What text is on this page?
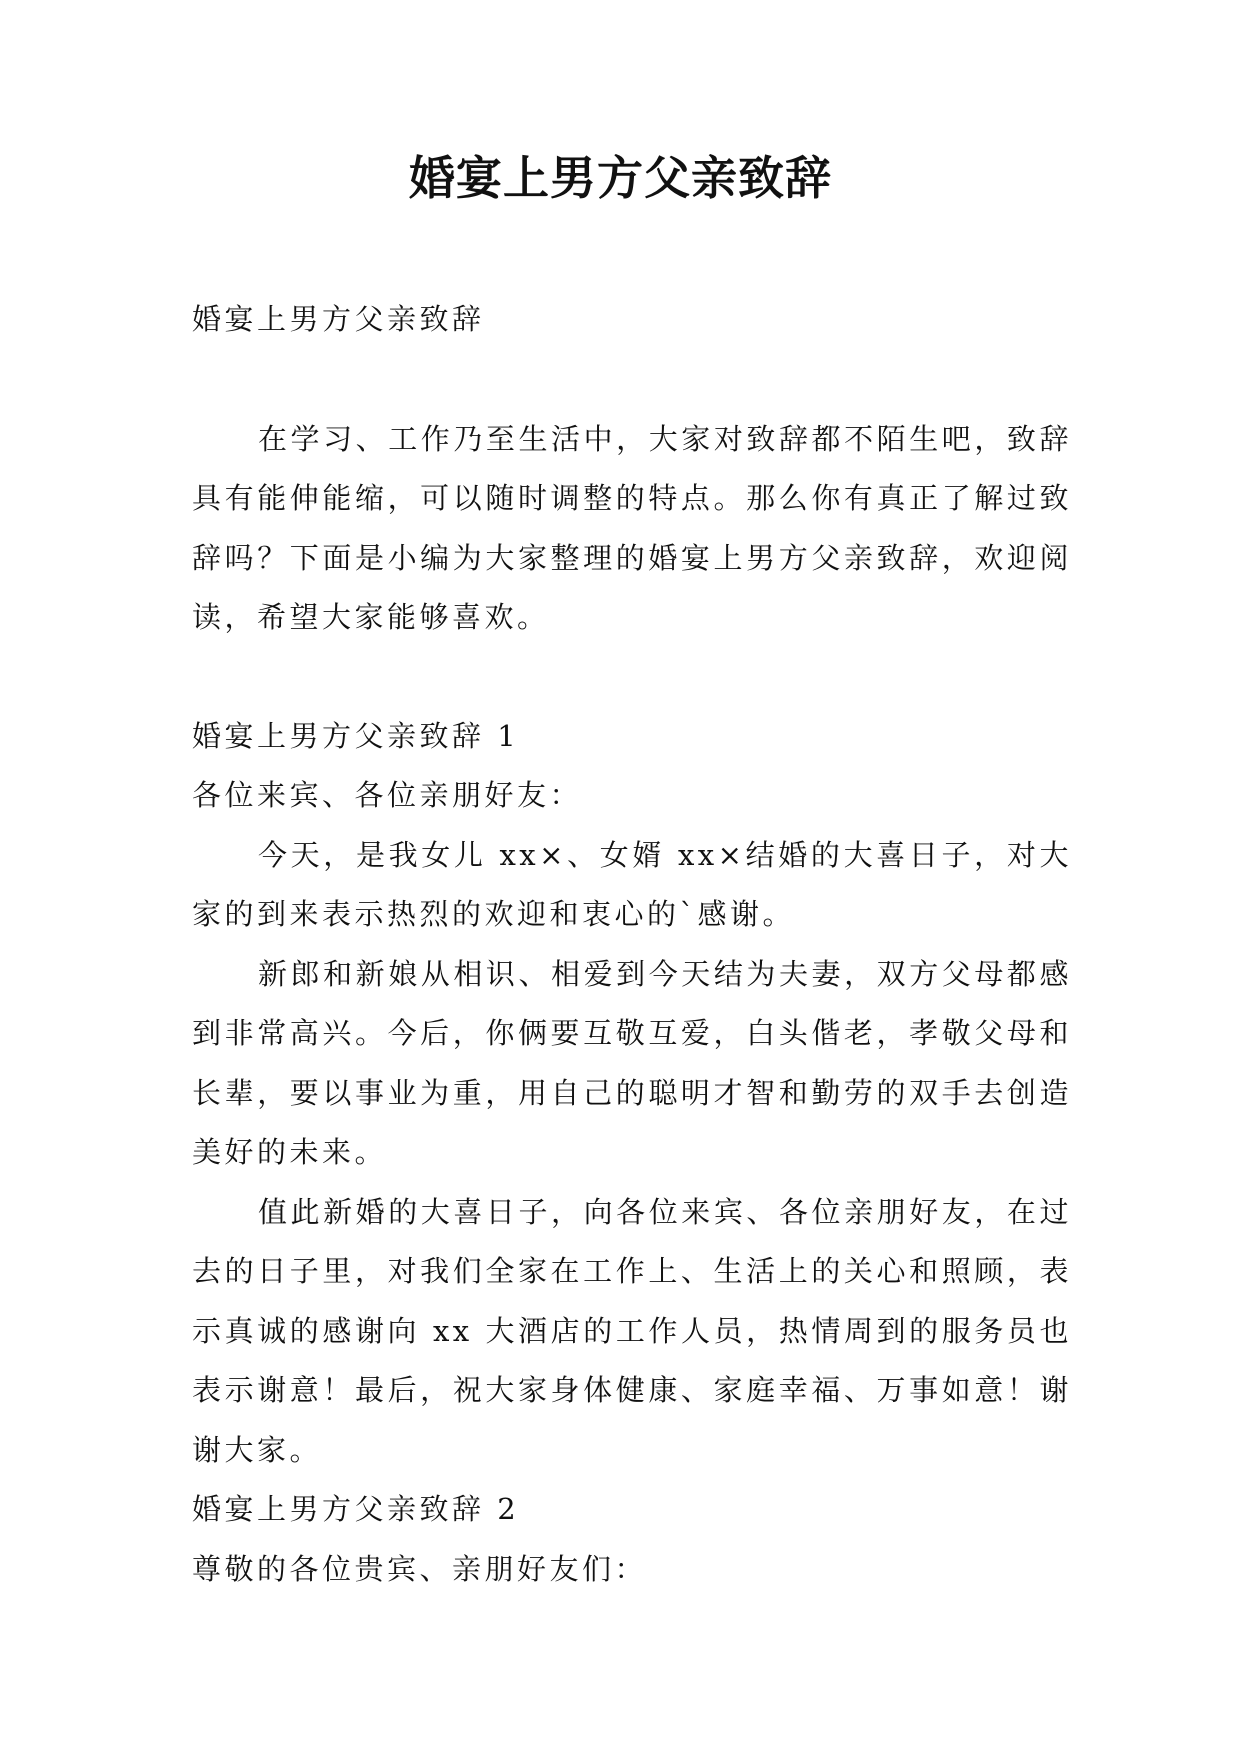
婚宴上男方父亲致辞

婚宴上男方父亲致辞

在学习、工作乃至生活中，大家对致辞都不陌生吧，致辞具有能伸能缩，可以随时调整的特点。那么你有真正了解过致辞吗？下面是小编为大家整理的婚宴上男方父亲致辞，欢迎阅读，希望大家能够喜欢。

婚宴上男方父亲致辞 1

各位来宾、各位亲朋好友：

今天，是我女儿 xx×、女婿 xx×结婚的大喜日子，对大家的到来表示热烈的欢迎和衷心的`感谢。

新郎和新娘从相识、相爱到今天结为夫妻，双方父母都感到非常高兴。今后，你俩要互敬互爱，白头偕老，孝敬父母和长辈，要以事业为重，用自己的聪明才智和勤劳的双手去创造美好的未来。

值此新婚的大喜日子，向各位来宾、各位亲朋好友，在过去的日子里，对我们全家在工作上、生活上的关心和照顾，表示真诚的感谢向 xx 大酒店的工作人员，热情周到的服务员也表示谢意！最后，祝大家身体健康、家庭幸福、万事如意！谢谢大家。

婚宴上男方父亲致辞 2

尊敬的各位贵宾、亲朋好友们：
